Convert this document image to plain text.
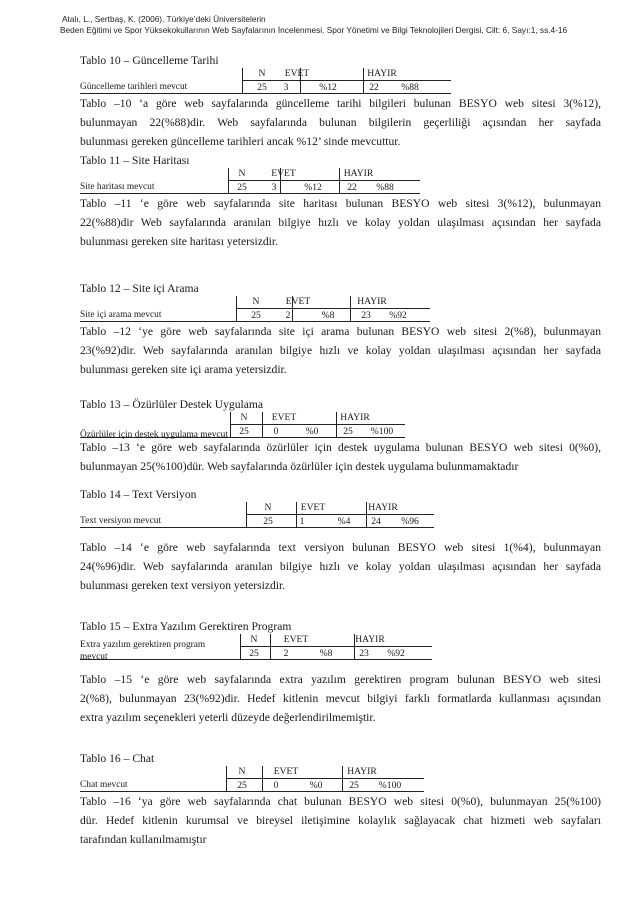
Atalı, L., Sertbaş, K. (2006). Türkiye’deki Üniversitelerin
Beden Eğitimi ve Spor Yüksekokullarının Web Sayfalarının İncelenmesi. Spor Yönetimi ve Bilgi Teknolojileri Dergisi, Cilt: 6, Sayı:1, ss.4-16
Tablo 10 – Güncelleme Tarihi
Güncelleme tarihleri mevcut
N	EVET	HAYIR
25	3	%12	22	%88

Tablo –10 ‘a göre web sayfalarında güncelleme tarihi bilgileri bulunan BESYO web sitesi 3(%12),
bulunmayan 22(%88)dir. Web sayfalarında bulunan bilgilerin geçerliliği açısından her sayfada
bulunması gereken güncelleme tarihleri ancak %12’ sinde mevcuttur.

Tablo 11 – Site Haritası
Site haritası mevcut
N	EVET	HAYIR
25	3	%12	22	%88

Tablo –11 ‘e göre web sayfalarında site haritası bulunan BESYO web sitesi 3(%12), bulunmayan
22(%88)dir Web sayfalarında aranılan bilgiye hızlı ve kolay yoldan ulaşılması açısından her sayfada
bulunması gereken site haritası yetersizdir.

Tablo 12 – Site içi Arama
Site içi arama mevcut
N	EVET	HAYIR
25	2	%8	23	%92

Tablo –12 ‘ye göre web sayfalarında site içi arama bulunan BESYO web sitesi 2(%8), bulunmayan
23(%92)dir. Web sayfalarında aranılan bilgiye hızlı ve kolay yoldan ulaşılması açısından her sayfada
bulunması gereken site içi arama yetersizdir.

Tablo 13 – Özürlüler Destek Uygulama
Özürlüler için destek uygulama mevcut
N	EVET	HAYIR
25	0	%0	25	%100

Tablo –13 ‘e göre web sayfalarında özürlüler için destek uygulama bulunan BESYO web sitesi 0(%0),
bulunmayan 25(%100)dür. Web sayfalarında özürlüler için destek uygulama bulunmamaktadır

Tablo 14 – Text Versiyon
Text versiyon mevcut
N	EVET	HAYIR
25	1	%4	24	%96

Tablo –14 ‘e göre web sayfalarında text versiyon bulunan BESYO web sitesi 1(%4), bulunmayan
24(%96)dir. Web sayfalarında aranılan bilgiye hızlı ve kolay yoldan ulaşılması açısından her sayfada
bulunması gereken text versiyon yetersizdir.

Tablo 15 – Extra Yazılım Gerektiren Program
Extra yazılım gerektiren program mevcut
N	EVET	HAYIR
25	2	%8	23	%92

Tablo –15 ‘e göre web sayfalarında extra yazılım gerektiren program bulunan BESYO web sitesi
2(%8), bulunmayan 23(%92)dir. Hedef kitlenin mevcut bilgiyi farklı formatlarda kullanması açısından
extra yazılım seçenekleri yeterli düzeyde değerlendirilmemiştir.

Tablo 16 – Chat
Chat mevcut
N	EVET	HAYIR
25	0	%0	25	%100

Tablo –16 ‘ya göre web sayfalarında chat bulunan BESYO web sitesi 0(%0), bulunmayan 25(%100)
dür. Hedef kitlenin kurumsal ve bireysel iletişimine kolaylık sağlayacak chat hizmeti web sayfaları
tarafından kullanılmamıştır
